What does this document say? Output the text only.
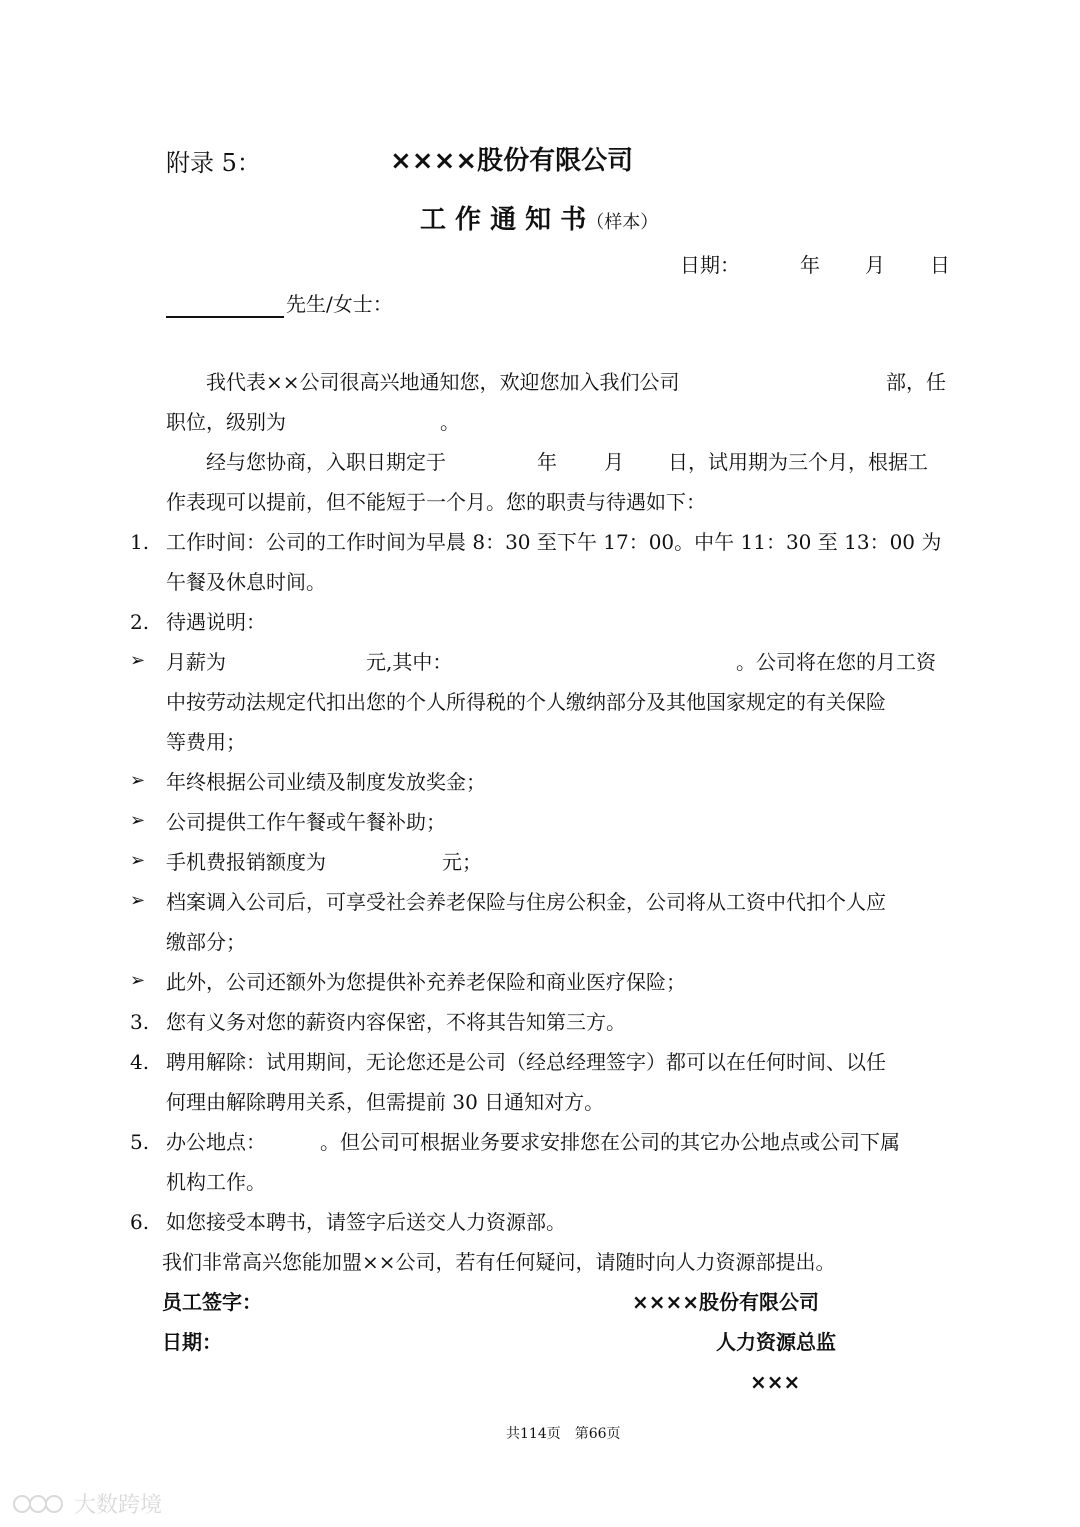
附录 5：	××××股份有限公司
工 作 通 知 书（样本）
日期：	年 月 日
先生/女士：
我代表××公司很高兴地通知您，欢迎您加入我们公司	部，任
职位，级别为	。
经与您协商，入职日期定于	年 月 日，试用期为三个月，根据工
作表现可以提前，但不能短于一个月。您的职责与待遇如下：
1. 工作时间：公司的工作时间为早晨 8：30 至下午 17：00。中午 11：30 至 13：00 为
午餐及休息时间。
2. 待遇说明：
➢ 月薪为	元,其中：	。公司将在您的月工资
中按劳动法规定代扣出您的个人所得税的个人缴纳部分及其他国家规定的有关保险
等费用；
➢ 年终根据公司业绩及制度发放奖金；
➢ 公司提供工作午餐或午餐补助；
➢ 手机费报销额度为	元；
➢ 档案调入公司后，可享受社会养老保险与住房公积金，公司将从工资中代扣个人应
缴部分；
➢ 此外，公司还额外为您提供补充养老保险和商业医疗保险；
3. 您有义务对您的薪资内容保密，不将其告知第三方。
4. 聘用解除：试用期间，无论您还是公司（经总经理签字）都可以在任何时间、以任
何理由解除聘用关系，但需提前 30 日通知对方。
5. 办公地点：	。但公司可根据业务要求安排您在公司的其它办公地点或公司下属
机构工作。
6. 如您接受本聘书，请签字后送交人力资源部。
我们非常高兴您能加盟××公司，若有任何疑问，请随时向人力资源部提出。
员工签字：	××××股份有限公司
日期：	人力资源总监
×××
共114页　第66页
大数跨境
